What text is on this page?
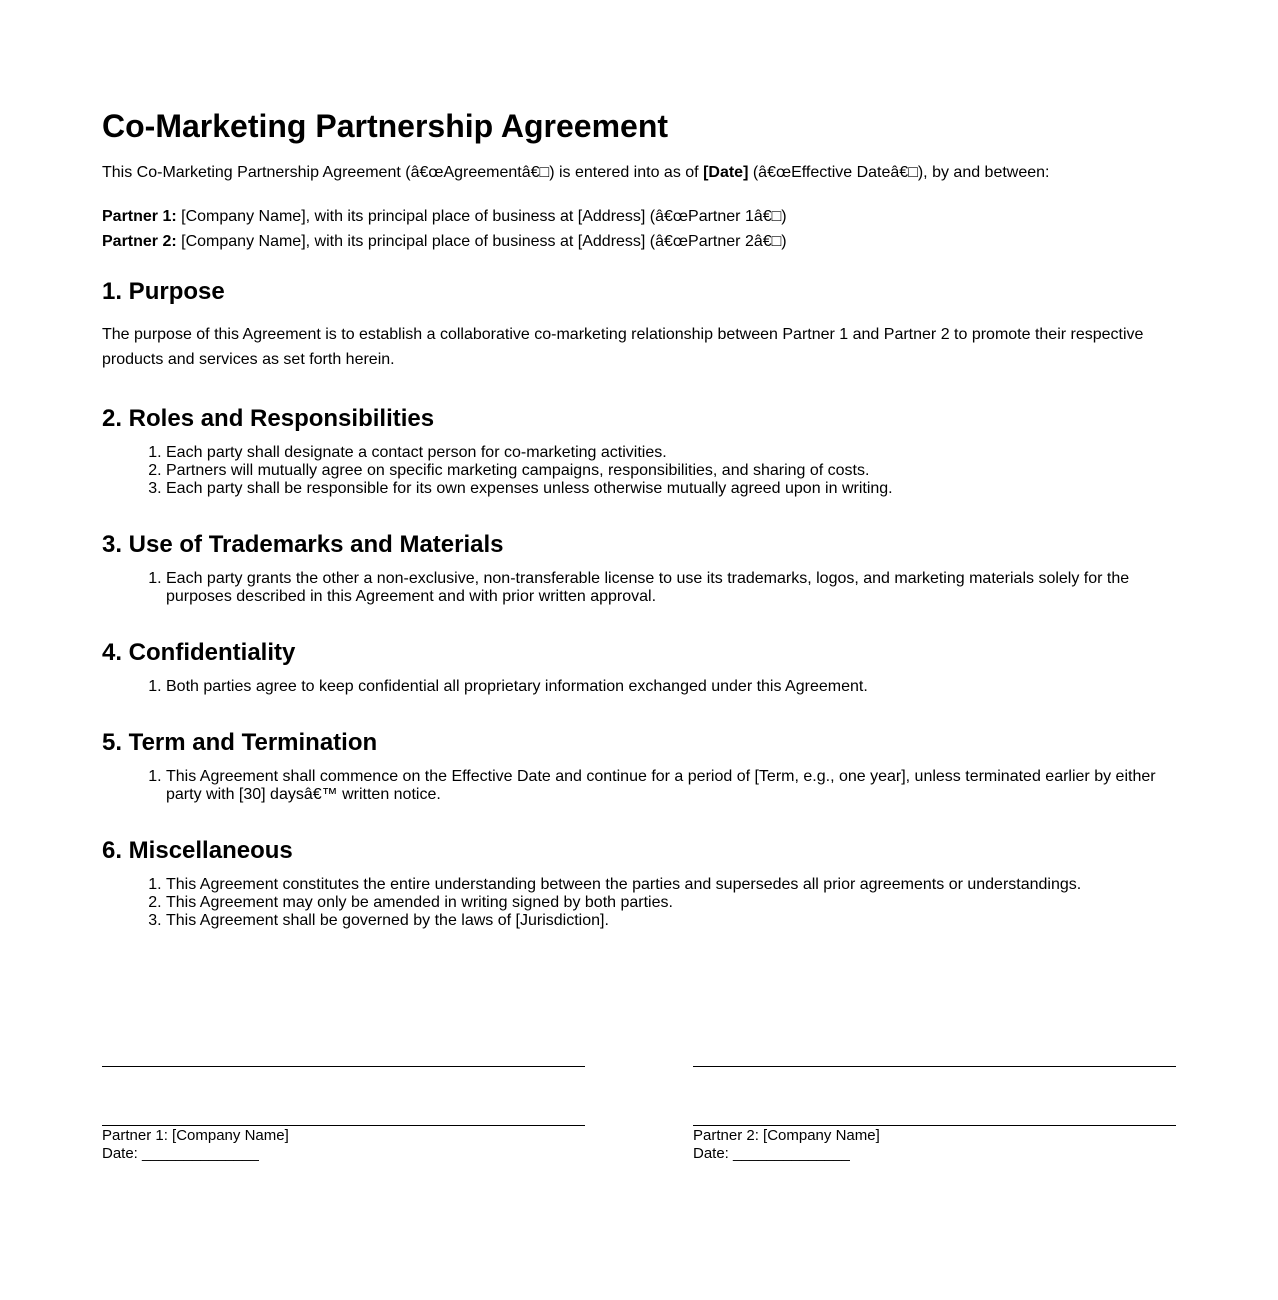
Co-Marketing Partnership Agreement

This Co-Marketing Partnership Agreement (â€œAgreementâ€□) is entered into as of [Date] (â€œEffective Dateâ€□), by and between:

Partner 1: [Company Name], with its principal place of business at [Address] (â€œPartner 1â€□)
Partner 2: [Company Name], with its principal place of business at [Address] (â€œPartner 2â€□)
1. Purpose

The purpose of this Agreement is to establish a collaborative co-marketing relationship between Partner 1 and Partner 2 to promote their respective products and services as set forth herein.

2. Roles and Responsibilities
1. Each party shall designate a contact person for co-marketing activities.
2. Partners will mutually agree on specific marketing campaigns, responsibilities, and sharing of costs.
3. Each party shall be responsible for its own expenses unless otherwise mutually agreed upon in writing.
3. Use of Trademarks and Materials
1. Each party grants the other a non-exclusive, non-transferable license to use its trademarks, logos, and marketing materials solely for the purposes described in this Agreement and with prior written approval.
4. Confidentiality
1. Both parties agree to keep confidential all proprietary information exchanged under this Agreement.
5. Term and Termination
1. This Agreement shall commence on the Effective Date and continue for a period of [Term, e.g., one year], unless terminated earlier by either party with [30] daysâ€™ written notice.
6. Miscellaneous
1. This Agreement constitutes the entire understanding between the parties and supersedes all prior agreements or understandings.
2. This Agreement may only be amended in writing signed by both parties.
3. This Agreement shall be governed by the laws of [Jurisdiction].
Partner 1: [Company Name]
Date: ______________
Partner 2: [Company Name]
Date: ______________
